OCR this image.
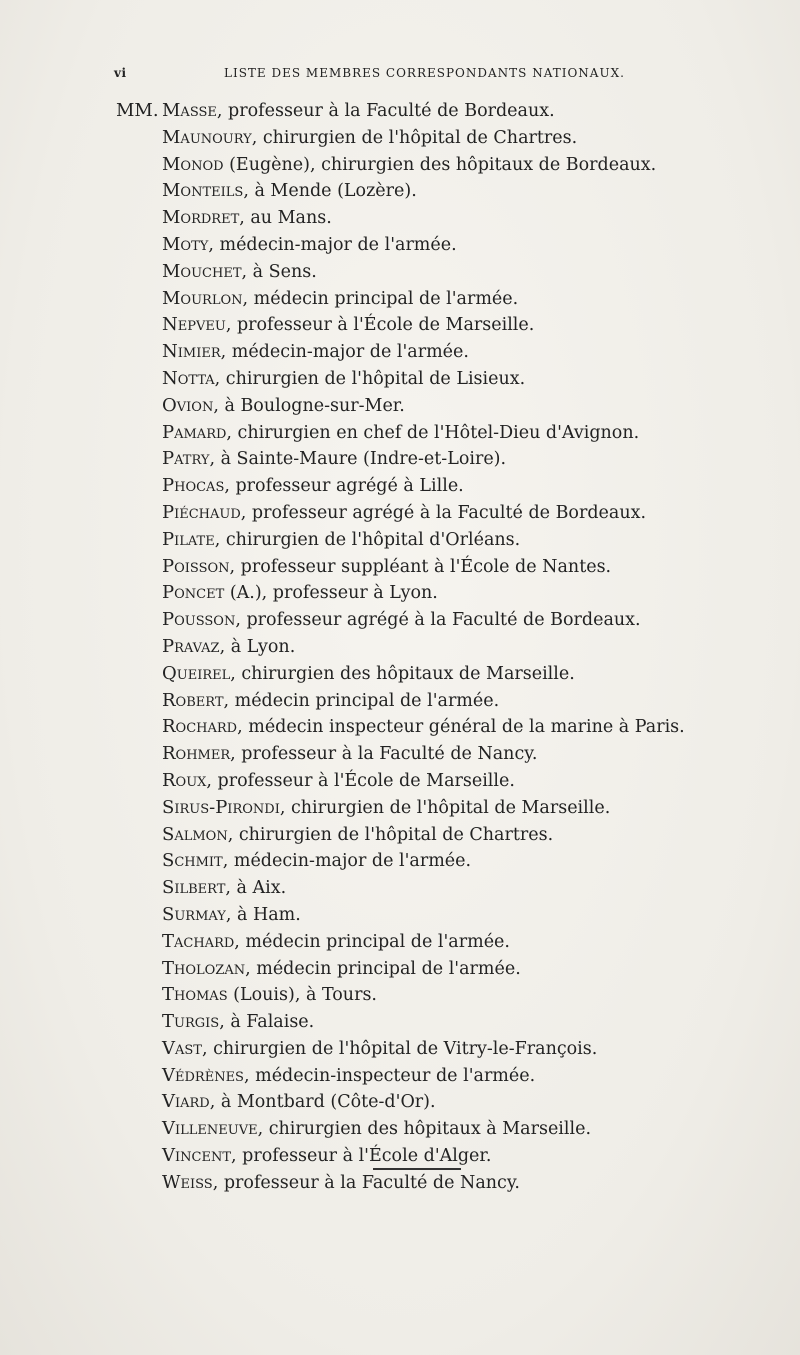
vi	LISTE DES MEMBRES CORRESPONDANTS NATIONAUX.
MM. Masse, professeur à la Faculté de Bordeaux.
Maunoury, chirurgien de l'hôpital de Chartres.
Monod (Eugène), chirurgien des hôpitaux de Bordeaux.
Monteils, à Mende (Lozère).
Mordret, au Mans.
Moty, médecin-major de l'armée.
Mouchet, à Sens.
Mourlon, médecin principal de l'armée.
Nepveu, professeur à l'École de Marseille.
Nimier, médecin-major de l'armée.
Notta, chirurgien de l'hôpital de Lisieux.
Ovion, à Boulogne-sur-Mer.
Pamard, chirurgien en chef de l'Hôtel-Dieu d'Avignon.
Patry, à Sainte-Maure (Indre-et-Loire).
Phocas, professeur agrégé à Lille.
Piéchaud, professeur agrégé à la Faculté de Bordeaux.
Pilate, chirurgien de l'hôpital d'Orléans.
Poisson, professeur suppléant à l'École de Nantes.
Poncet (A.), professeur à Lyon.
Pousson, professeur agrégé à la Faculté de Bordeaux.
Pravaz, à Lyon.
Queirel, chirurgien des hôpitaux de Marseille.
Robert, médecin principal de l'armée.
Rochard, médecin inspecteur général de la marine à Paris.
Rohmer, professeur à la Faculté de Nancy.
Roux, professeur à l'École de Marseille.
Sirus-Pirondi, chirurgien de l'hôpital de Marseille.
Salmon, chirurgien de l'hôpital de Chartres.
Schmit, médecin-major de l'armée.
Silbert, à Aix.
Surmay, à Ham.
Tachard, médecin principal de l'armée.
Tholozan, médecin principal de l'armée.
Thomas (Louis), à Tours.
Turgis, à Falaise.
Vast, chirurgien de l'hôpital de Vitry-le-François.
Védrènes, médecin-inspecteur de l'armée.
Viard, à Montbard (Côte-d'Or).
Villeneuve, chirurgien des hôpitaux à Marseille.
Vincent, professeur à l'École d'Alger.
Weiss, professeur à la Faculté de Nancy.
